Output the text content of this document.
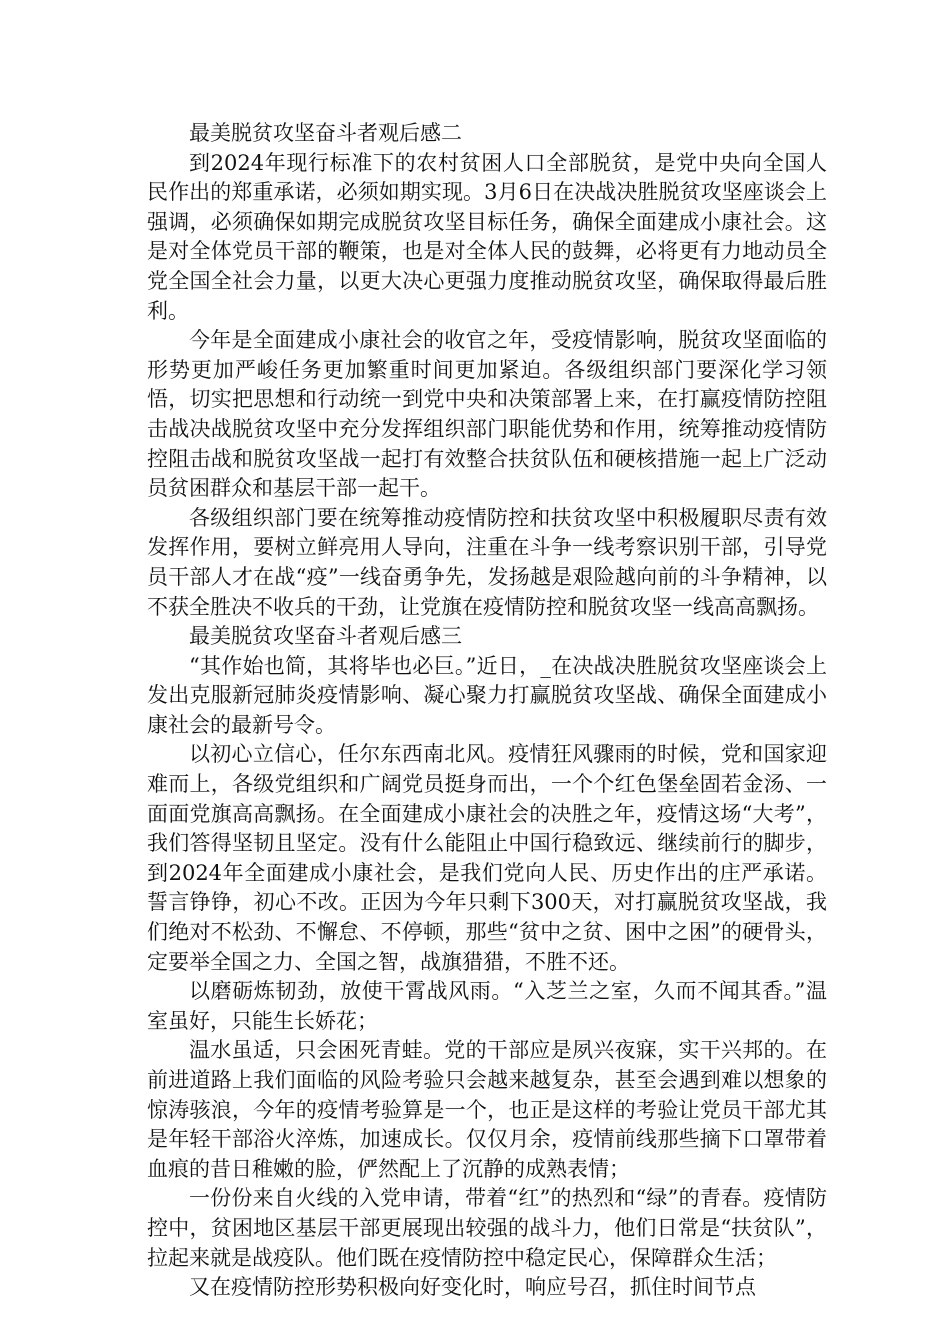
最美脱贫攻坚奋斗者观后感二

到2024年现行标准下的农村贫困人口全部脱贫，是党中央向全国人民作出的郑重承诺，必须如期实现。3月6日在决战决胜脱贫攻坚座谈会上强调，必须确保如期完成脱贫攻坚目标任务，确保全面建成小康社会。这是对全体党员干部的鞭策，也是对全体人民的鼓舞，必将更有力地动员全党全国全社会力量，以更大决心更强力度推动脱贫攻坚，确保取得最后胜利。

今年是全面建成小康社会的收官之年，受疫情影响，脱贫攻坚面临的形势更加严峻任务更加繁重时间更加紧迫。各级组织部门要深化学习领悟，切实把思想和行动统一到党中央和决策部署上来，在打赢疫情防控阻击战决战脱贫攻坚中充分发挥组织部门职能优势和作用，统筹推动疫情防控阻击战和脱贫攻坚战一起打有效整合扶贫队伍和硬核措施一起上广泛动员贫困群众和基层干部一起干。

各级组织部门要在统筹推动疫情防控和扶贫攻坚中积极履职尽责有效发挥作用，要树立鲜亮用人导向，注重在斗争一线考察识别干部，引导党员干部人才在战“疫”一线奋勇争先，发扬越是艰险越向前的斗争精神，以不获全胜决不收兵的干劲，让党旗在疫情防控和脱贫攻坚一线高高飘扬。

最美脱贫攻坚奋斗者观后感三

“其作始也简，其将毕也必巨。”近日，_在决战决胜脱贫攻坚座谈会上发出克服新冠肺炎疫情影响、凝心聚力打赢脱贫攻坚战、确保全面建成小康社会的最新号令。

以初心立信心，任尔东西南北风。疫情狂风骤雨的时候，党和国家迎难而上，各级党组织和广阔党员挺身而出，一个个红色堡垒固若金汤、一面面党旗高高飘扬。在全面建成小康社会的决胜之年，疫情这场“大考”，我们答得坚韧且坚定。没有什么能阻止中国行稳致远、继续前行的脚步，到2024年全面建成小康社会，是我们党向人民、历史作出的庄严承诺。誓言铮铮，初心不改。正因为今年只剩下300天，对打赢脱贫攻坚战，我们绝对不松劲、不懈怠、不停顿，那些“贫中之贫、困中之困”的硬骨头，定要举全国之力、全国之智，战旗猎猎，不胜不还。

以磨砺炼韧劲，放使干霄战风雨。“入芝兰之室，久而不闻其香。”温室虽好，只能生长娇花；

温水虽适，只会困死青蛙。党的干部应是夙兴夜寐，实干兴邦的。在前进道路上我们面临的风险考验只会越来越复杂，甚至会遇到难以想象的惊涛骇浪，今年的疫情考验算是一个，也正是这样的考验让党员干部尤其是年轻干部浴火淬炼，加速成长。仅仅月余，疫情前线那些摘下口罩带着血痕的昔日稚嫩的脸，俨然配上了沉静的成熟表情；

一份份来自火线的入党申请，带着“红”的热烈和“绿”的青春。疫情防控中，贫困地区基层干部更展现出较强的战斗力，他们日常是“扶贫队”，拉起来就是战疫队。他们既在疫情防控中稳定民心，保障群众生活；

又在疫情防控形势积极向好变化时，响应号召，抓住时间节点
